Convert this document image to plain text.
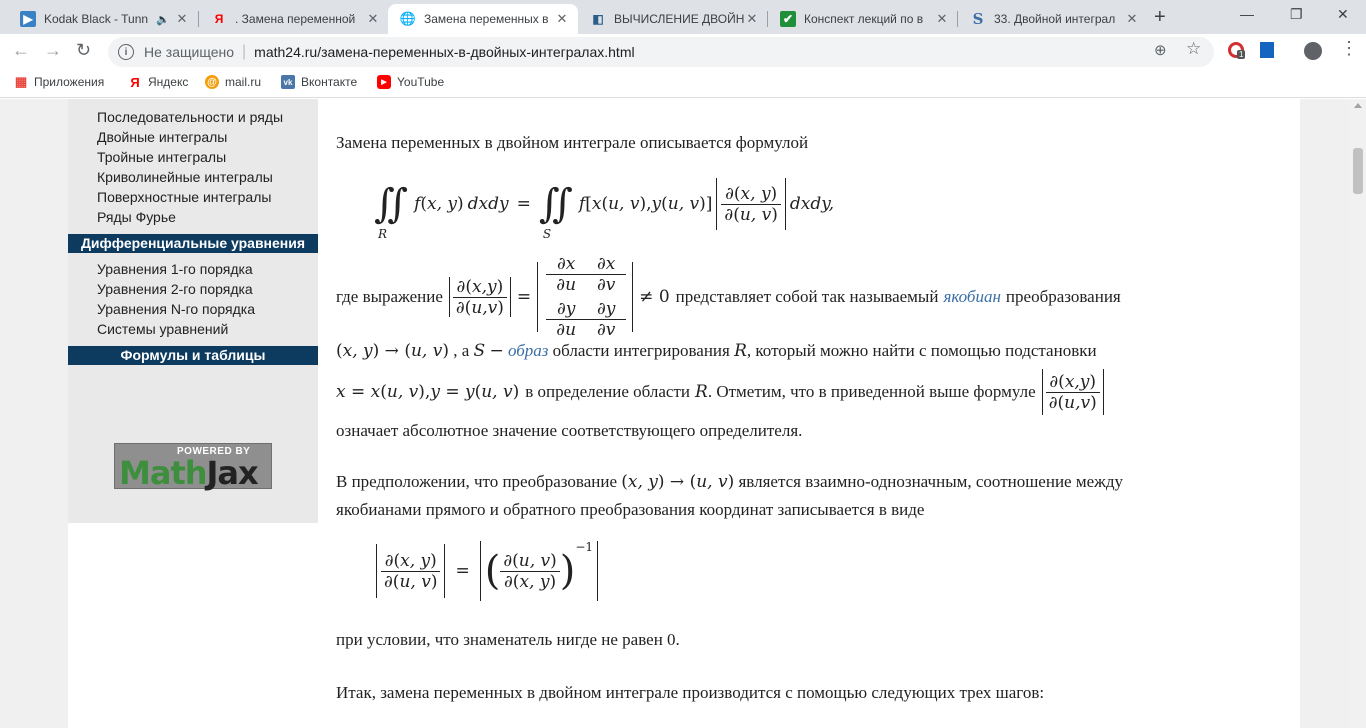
▶ Kodak Black - Tunn 🔈 ✕	Я . Замена переменной ✕ 🌐 Замена переменных в ✕ ◧ ВЫЧИСЛЕНИЕ ДВОЙН ✕ ✔ Конспект лекций по в	✕ S 33. Двойной интеграл ✕ +	—	❐ ✕
← → ↻	i	Не защищено | math24.ru/замена-переменных-в-двойных-интегралах.html	⊕ ☆	1	⋮
▦ Приложения Я Яндекс @ mail.ru	vk Вконтакте	▶ YouTube
Последовательности и ряды
Двойные интегралы
Тройные интегралы
Криволинейные интегралы
Поверхностные интегралы
Ряды Фурье
Дифференциальные уравнения
Уравнения 1-го порядка
Уравнения 2-го порядка
Уравнения N-го порядка
Системы уравнений
Формулы и таблицы
POWERED BY
MathJax
Замена переменных в двойном интеграле описывается формулой
∬
R
f ( x, y ) dxdy = ∬
S
f [ x ( u, v ) , y ( u, v ) ] $\frac{\partial(x, y)}{\partial(u, v)}$ dxdy,
где выражение $\frac{\partial(x,y)}{\partial(u,v)}$ =
$\frac{\partial x}{\partial u} \frac{\partial x}{\partial v}$
$\frac{\partial y}{\partial u} \frac{\partial y}{\partial v}$
≠ 0 представляет собой так называемый якобиан преобразования
(x, y) → (u, v) , а S − образ области интегрирования R, который можно найти с помощью подстановки
x = x ( u, v ) , y = y ( u, v ) в определение области R . Отметим, что в приведенной выше формуле $\frac{\partial(x,y)}{\partial(u,v)}$
означает абсолютное значение соответствующего определителя.
В предположении, что преобразование (x, y) → (u, v) является взаимно-однозначным, соотношение между
якобианами прямого и обратного преобразования координат записывается в виде
$\frac{\partial(x, y)}{\partial(u, v)}$ = ( $\frac{\partial(u, v)}{\partial(x, y)}$ )
−1
при условии, что знаменатель нигде не равен 0.
Итак, замена переменных в двойном интеграле производится с помощью следующих трех шагов:
